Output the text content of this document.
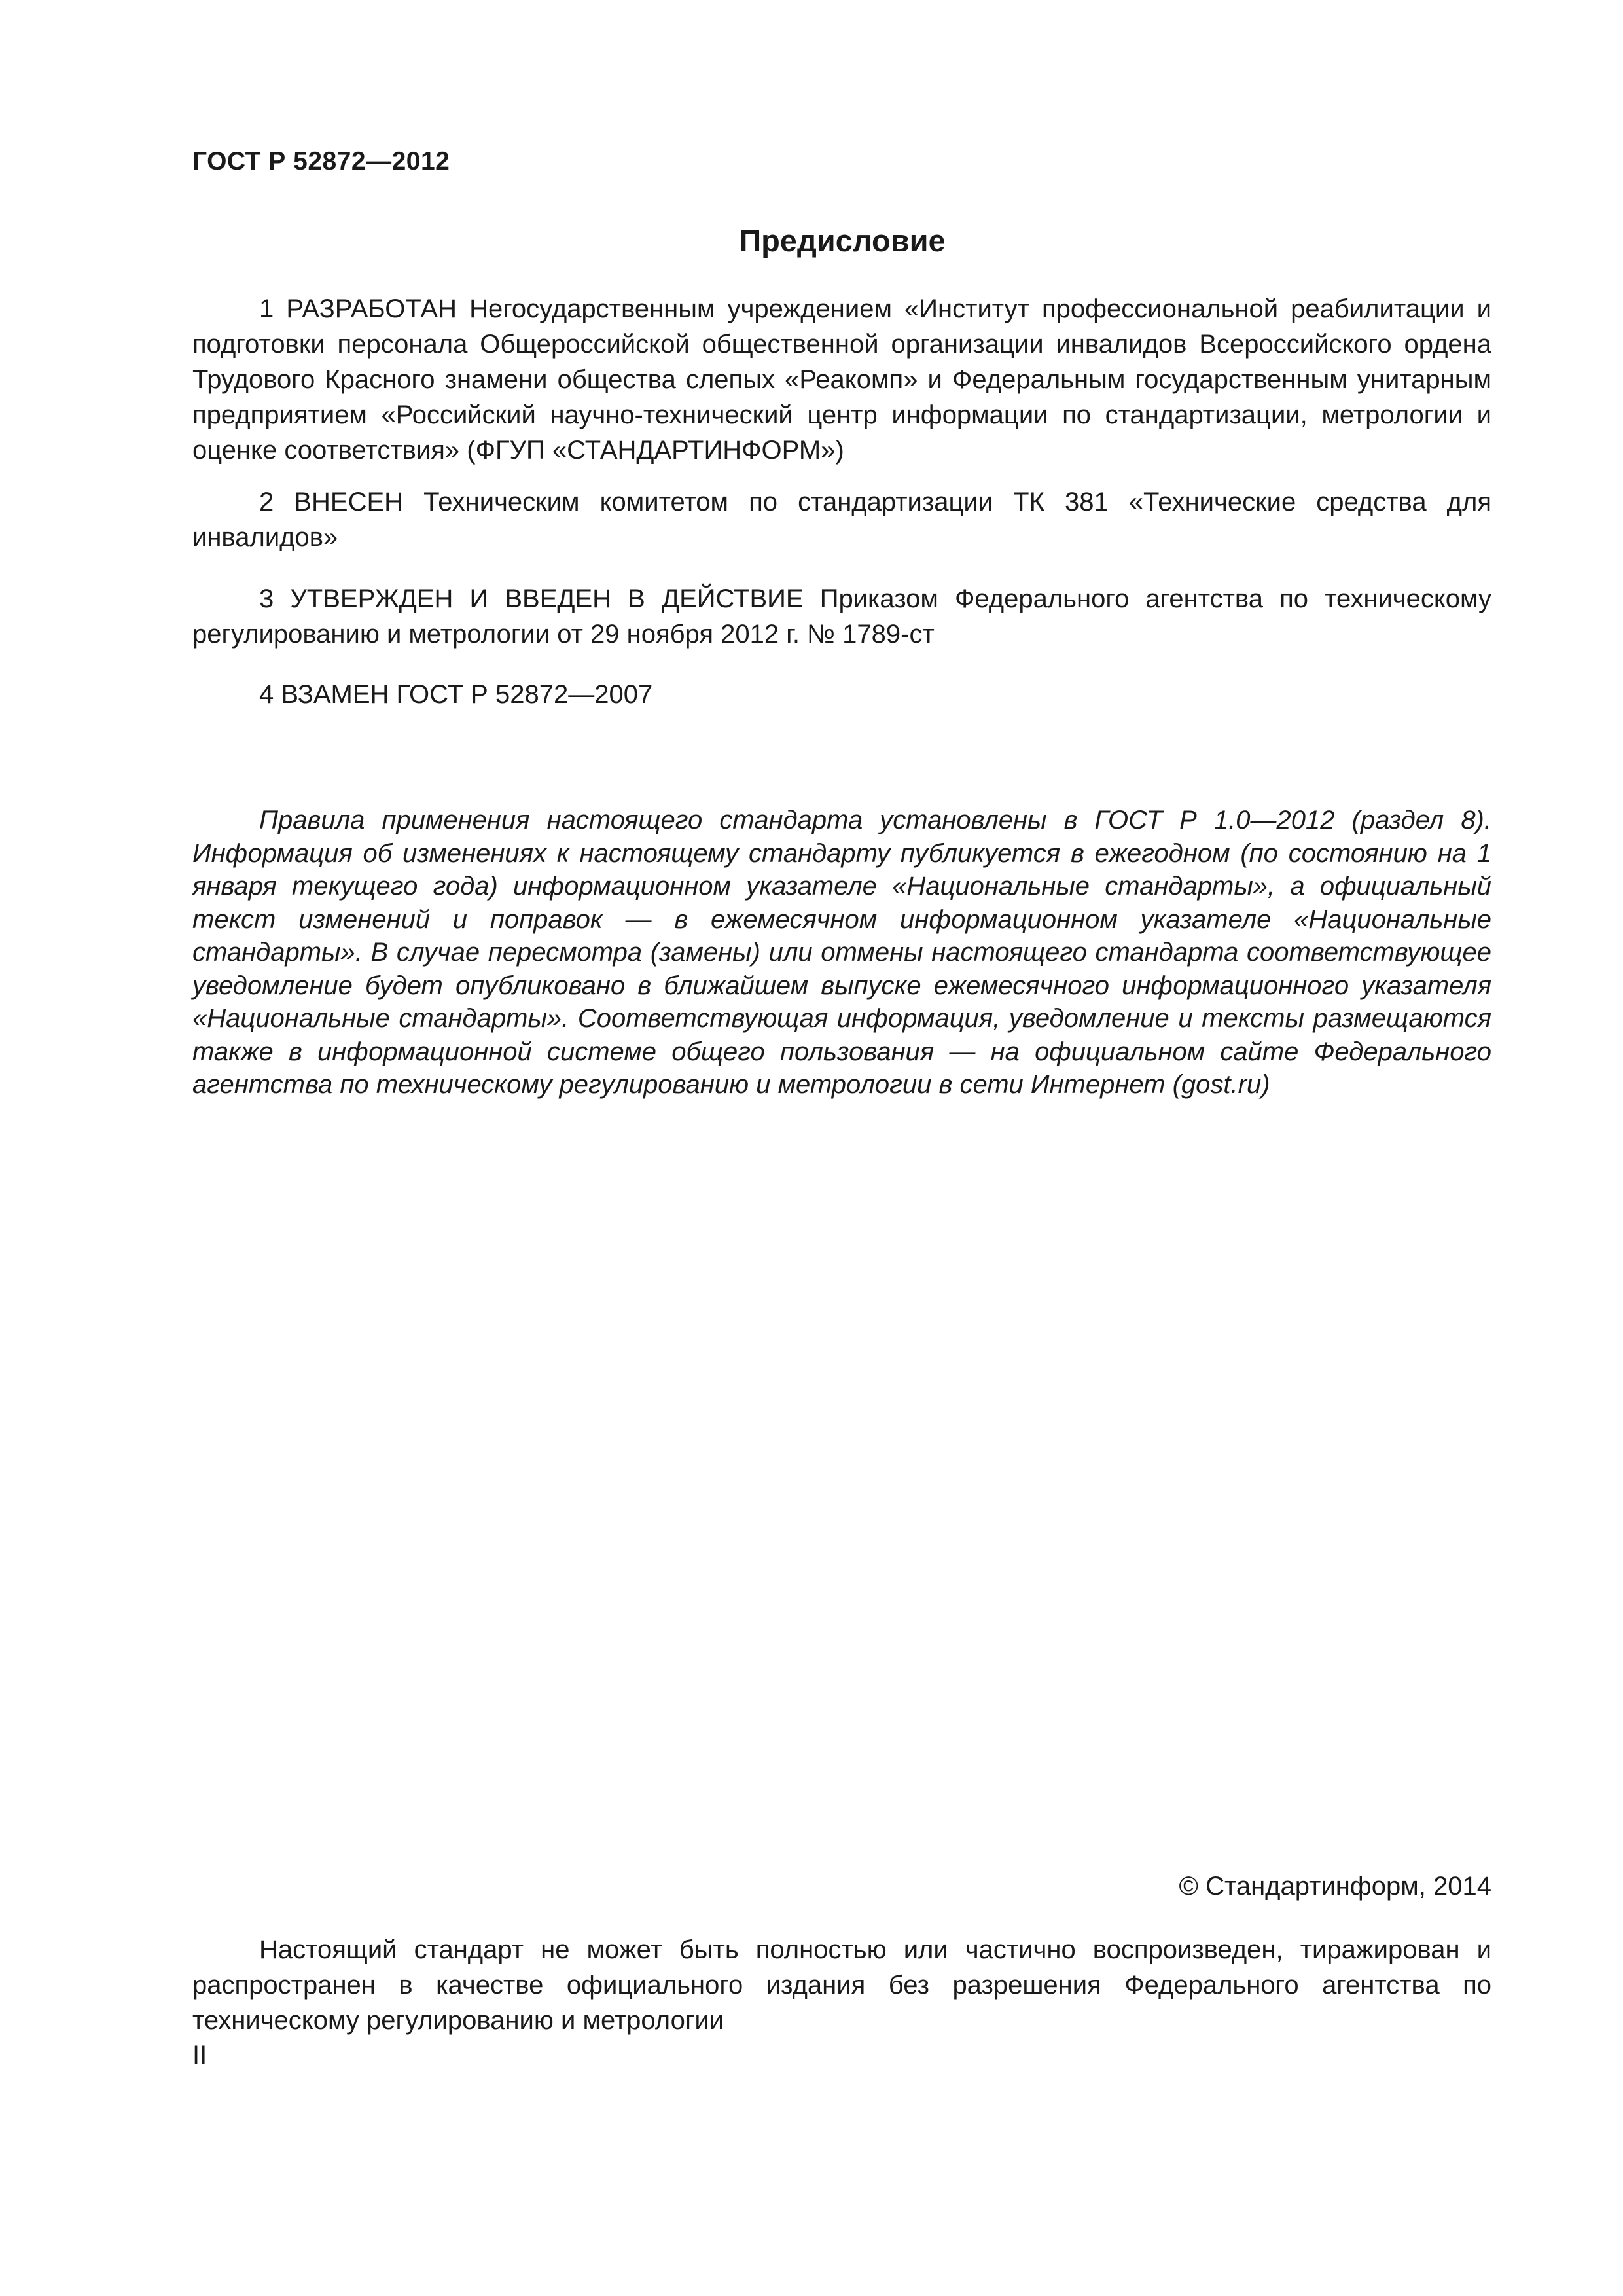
ГОСТ Р 52872—2012
Предисловие

1 РАЗРАБОТАН Негосударственным учреждением «Институт профессиональной реабилитации и подготовки персонала Общероссийской общественной организации инвалидов Всероссийского ордена Трудового Красного знамени общества слепых «Реакомп» и Федеральным государственным унитарным предприятием «Российский научно-технический центр информации по стандартизации, метрологии и оценке соответствия» (ФГУП «СТАНДАРТИНФОРМ»)

2 ВНЕСЕН Техническим комитетом по стандартизации ТК 381 «Технические средства для инвалидов»

3 УТВЕРЖДЕН И ВВЕДЕН В ДЕЙСТВИЕ Приказом Федерального агентства по техническому регулированию и метрологии от 29 ноября 2012 г. № 1789-ст

4 ВЗАМЕН ГОСТ Р 52872—2007

Правила применения настоящего стандарта установлены в ГОСТ Р 1.0—2012 (раздел 8). Информация об изменениях к настоящему стандарту публикуется в ежегодном (по состоянию на 1 января текущего года) информационном указателе «Национальные стандарты», а официальный текст изменений и поправок — в ежемесячном информационном указателе «Национальные стандарты». В случае пересмотра (замены) или отмены настоящего стандарта соответствующее уведомление будет опубликовано в ближайшем выпуске ежемесячного информационного указателя «Национальные стандарты». Соответствующая информация, уведомление и тексты размещаются также в информационной системе общего пользования — на официальном сайте Федерального агентства по техническому регулированию и метрологии в сети Интернет (gost.ru)

© Стандартинформ, 2014

Настоящий стандарт не может быть полностью или частично воспроизведен, тиражирован и распространен в качестве официального издания без разрешения Федерального агентства по техническому регулированию и метрологии

II
